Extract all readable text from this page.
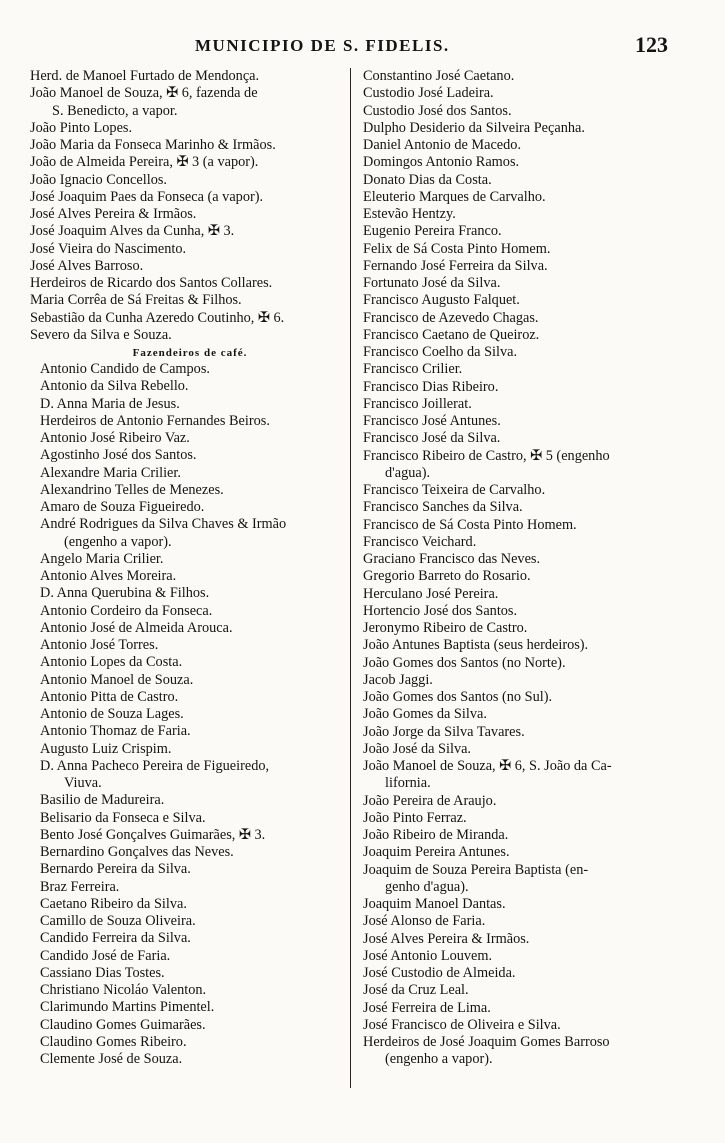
MUNICIPIO DE S. FIDELIS.	123
Herd. de Manoel Furtado de Mendonça.
João Manoel de Souza, ✠ 6, fazenda de
S. Benedicto, a vapor.
João Pinto Lopes.
João Maria da Fonseca Marinho & Irmãos.
João de Almeida Pereira, ✠ 3 (a vapor).
João Ignacio Concellos.
José Joaquim Paes da Fonseca (a vapor).
José Alves Pereira & Irmãos.
José Joaquim Alves da Cunha, ✠ 3.
José Vieira do Nascimento.
José Alves Barroso.
Herdeiros de Ricardo dos Santos Collares.
Maria Corrêa de Sá Freitas & Filhos.
Sebastião da Cunha Azeredo Coutinho, ✠ 6.
Severo da Silva e Souza.
Fazendeiros de café.
Antonio Candido de Campos.
Antonio da Silva Rebello.
D. Anna Maria de Jesus.
Herdeiros de Antonio Fernandes Beiros.
Antonio José Ribeiro Vaz.
Agostinho José dos Santos.
Alexandre Maria Crilier.
Alexandrino Telles de Menezes.
Amaro de Souza Figueiredo.
André Rodrigues da Silva Chaves & Irmão
(engenho a vapor).
Angelo Maria Crilier.
Antonio Alves Moreira.
D. Anna Querubina & Filhos.
Antonio Cordeiro da Fonseca.
Antonio José de Almeida Arouca.
Antonio José Torres.
Antonio Lopes da Costa.
Antonio Manoel de Souza.
Antonio Pitta de Castro.
Antonio de Souza Lages.
Antonio Thomaz de Faria.
Augusto Luiz Crispim.
D. Anna Pacheco Pereira de Figueiredo,
Viuva.
Basilio de Madureira.
Belisario da Fonseca e Silva.
Bento José Gonçalves Guimarães, ✠ 3.
Bernardino Gonçalves das Neves.
Bernardo Pereira da Silva.
Braz Ferreira.
Caetano Ribeiro da Silva.
Camillo de Souza Oliveira.
Candido Ferreira da Silva.
Candido José de Faria.
Cassiano Dias Tostes.
Christiano Nicoláo Valenton.
Clarimundo Martins Pimentel.
Claudino Gomes Guimarães.
Claudino Gomes Ribeiro.
Clemente José de Souza.
Constantino José Caetano.
Custodio José Ladeira.
Custodio José dos Santos.
Dulpho Desiderio da Silveira Peçanha.
Daniel Antonio de Macedo.
Domingos Antonio Ramos.
Donato Dias da Costa.
Eleuterio Marques de Carvalho.
Estevão Hentzy.
Eugenio Pereira Franco.
Felix de Sá Costa Pinto Homem.
Fernando José Ferreira da Silva.
Fortunato José da Silva.
Francisco Augusto Falquet.
Francisco de Azevedo Chagas.
Francisco Caetano de Queiroz.
Francisco Coelho da Silva.
Francisco Crilier.
Francisco Dias Ribeiro.
Francisco Joillerat.
Francisco José Antunes.
Francisco José da Silva.
Francisco Ribeiro de Castro, ✠ 5 (engenho
d'agua).
Francisco Teixeira de Carvalho.
Francisco Sanches da Silva.
Francisco de Sá Costa Pinto Homem.
Francisco Veichard.
Graciano Francisco das Neves.
Gregorio Barreto do Rosario.
Herculano José Pereira.
Hortencio José dos Santos.
Jeronymo Ribeiro de Castro.
João Antunes Baptista (seus herdeiros).
João Gomes dos Santos (no Norte).
Jacob Jaggi.
João Gomes dos Santos (no Sul).
João Gomes da Silva.
João Jorge da Silva Tavares.
João José da Silva.
João Manoel de Souza, ✠ 6, S. João da Ca-
lifornia.
João Pereira de Araujo.
João Pinto Ferraz.
João Ribeiro de Miranda.
Joaquim Pereira Antunes.
Joaquim de Souza Pereira Baptista (en-
genho d'agua).
Joaquim Manoel Dantas.
José Alonso de Faria.
José Alves Pereira & Irmãos.
José Antonio Louvem.
José Custodio de Almeida.
José da Cruz Leal.
José Ferreira de Lima.
José Francisco de Oliveira e Silva.
Herdeiros de José Joaquim Gomes Barroso
(engenho a vapor).
